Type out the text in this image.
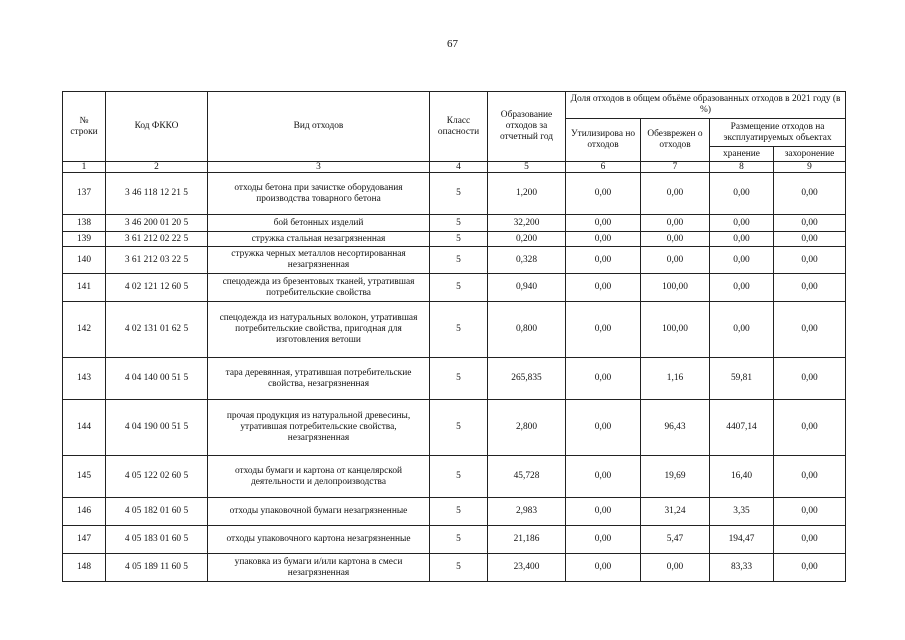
67
№ строки	Код ФККО	Вид отходов	Класс опасности	Образование отходов за отчетный год	Доля отходов в общем объёме образованных отходов в 2021 году (в %)			
					Утилизирова но отходов	Обезврежен о отходов	Размещение отходов на эксплуатируемых объектах	
							хранение	захоронение
1	2	3	4	5	6	7	8	9
137	3 46 118 12 21 5	отходы бетона при зачистке оборудования производства товарного бетона	5	1,200	0,00	0,00	0,00	0,00
138	3 46 200 01 20 5	бой бетонных изделий	5	32,200	0,00	0,00	0,00	0,00
139	3 61 212 02 22 5	стружка стальная незагрязненная	5	0,200	0,00	0,00	0,00	0,00
140	3 61 212 03 22 5	стружка черных металлов несортированная незагрязненная	5	0,328	0,00	0,00	0,00	0,00
141	4 02 121 12 60 5	спецодежда из брезентовых тканей, утратившая потребительские свойства	5	0,940	0,00	100,00	0,00	0,00
142	4 02 131 01 62 5	спецодежда из натуральных волокон, утратившая потребительские свойства, пригодная для изготовления ветоши	5	0,800	0,00	100,00	0,00	0,00
143	4 04 140 00 51 5	тара деревянная, утратившая потребительские свойства, незагрязненная	5	265,835	0,00	1,16	59,81	0,00
144	4 04 190 00 51 5	прочая продукция из натуральной древесины, утратившая потребительские свойства, незагрязненная	5	2,800	0,00	96,43	4407,14	0,00
145	4 05 122 02 60 5	отходы бумаги и картона от канцелярской деятельности и делопроизводства	5	45,728	0,00	19,69	16,40	0,00
146	4 05 182 01 60 5	отходы упаковочной бумаги незагрязненные	5	2,983	0,00	31,24	3,35	0,00
147	4 05 183 01 60 5	отходы упаковочного картона незагрязненные	5	21,186	0,00	5,47	194,47	0,00
148	4 05 189 11 60 5	упаковка из бумаги и/или картона в смеси незагрязненная	5	23,400	0,00	0,00	83,33	0,00
